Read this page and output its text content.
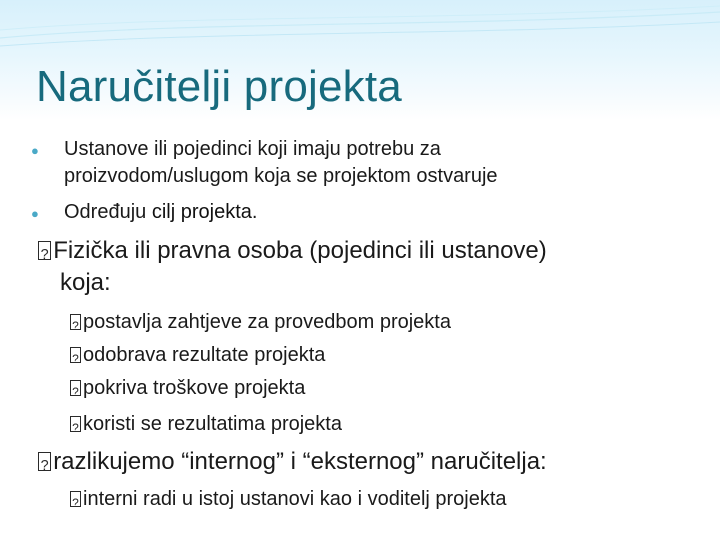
Naručitelji projekta
● Ustanove ili pojedinci koji imaju potrebu za
proizvodom/uslugom koja se projektom ostvaruje
● Određuju cilj projekta.
?Fizička ili pravna osoba (pojedinci ili ustanove)
koja:
?postavlja zahtjeve za provedbom projekta
?odobrava rezultate projekta
?pokriva troškove projekta
?koristi se rezultatima projekta
?razlikujemo “internog” i “eksternog” naručitelja:
?interni radi u istoj ustanovi kao i voditelj projekta
